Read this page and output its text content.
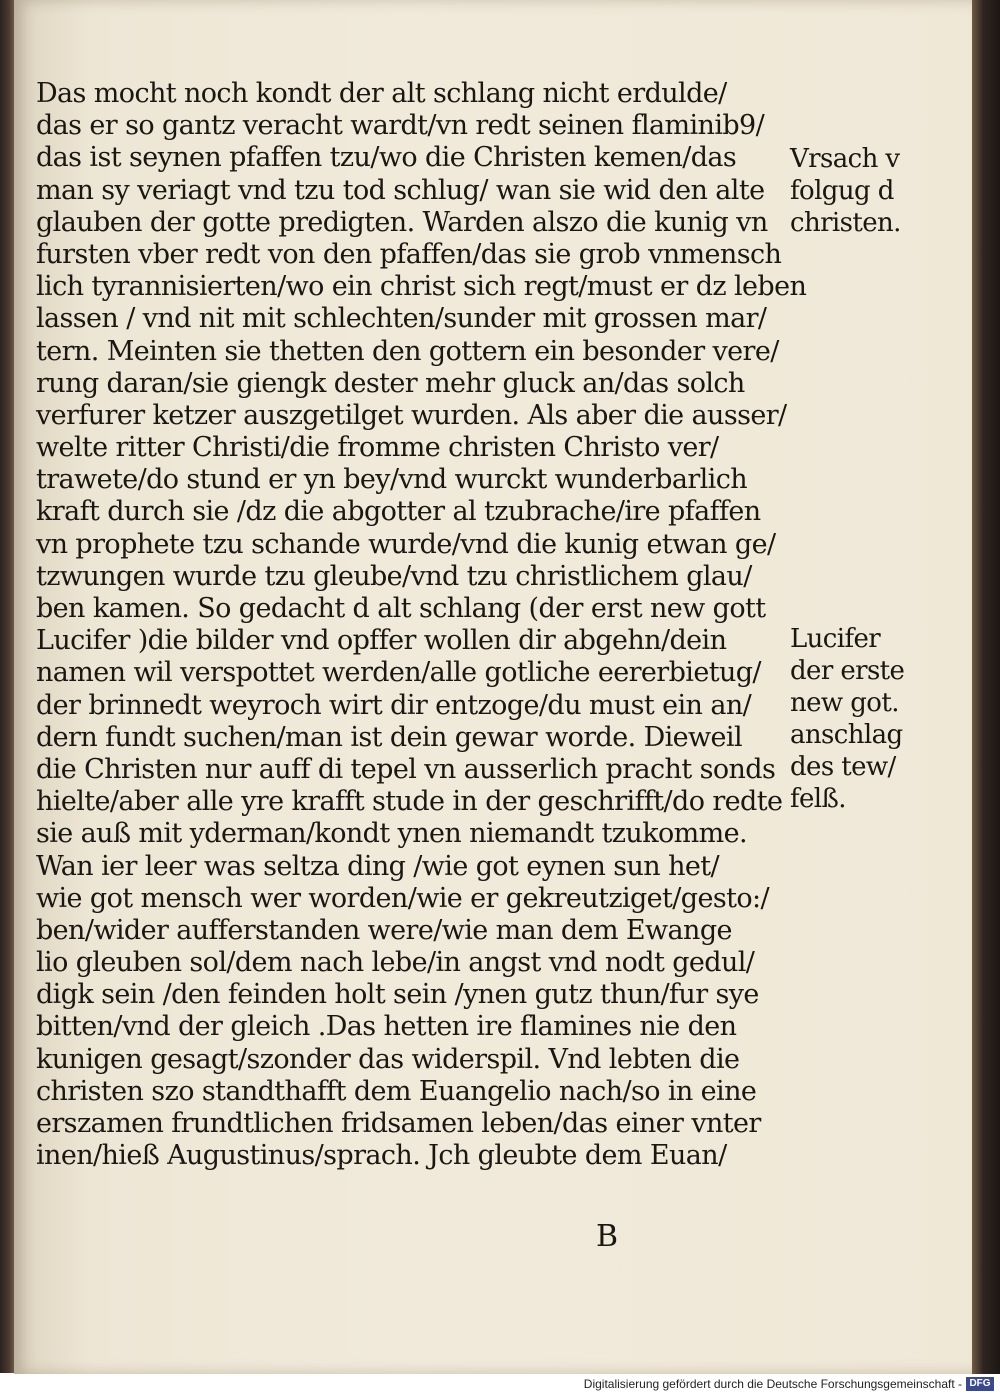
Das mocht noch kondt der alt schlang nicht erdulde/
das er so gantz veracht wardt/vn redt seinen flaminib9/
das ist seynen pfaffen tzu/wo die Christen kemen/das
man sy veriagt vnd tzu tod schlug/ wan sie wid den alte
glauben der gotte predigten. Warden alszo die kunig vn
fursten vber redt von den pfaffen/das sie grob vnmensch
lich tyrannisierten/wo ein christ sich regt/must er dz leben
lassen / vnd nit mit schlechten/sunder mit grossen mar/
tern. Meinten sie thetten den gottern ein besonder vere/
rung daran/sie giengk dester mehr gluck an/das solch
verfurer ketzer auszgetilget wurden. Als aber die ausser/
welte ritter Christi/die fromme christen Christo ver/
trawete/do stund er yn bey/vnd wurckt wunderbarlich
kraft durch sie /dz die abgotter al tzubrache/ire pfaffen
vn prophete tzu schande wurde/vnd die kunig etwan ge/
tzwungen wurde tzu gleube/vnd tzu christlichem glau/
ben kamen. So gedacht d alt schlang (der erst new gott
Lucifer )die bilder vnd opffer wollen dir abgehn/dein
namen wil verspottet werden/alle gotliche eererbietug/
der brinnedt weyroch wirt dir entzoge/du must ein an/
dern fundt suchen/man ist dein gewar worde. Dieweil
die Christen nur auff di tepel vn ausserlich pracht sonds
hielte/aber alle yre krafft stude in der geschrifft/do redte
sie auß mit yderman/kondt ynen niemandt tzukomme.
Wan ier leer was seltza ding /wie got eynen sun het/
wie got mensch wer worden/wie er gekreutziget/gesto:/
ben/wider aufferstanden were/wie man dem Ewange
lio gleuben sol/dem nach lebe/in angst vnd nodt gedul/
digk sein /den feinden holt sein /ynen gutz thun/fur sye
bitten/vnd der gleich .Das hetten ire flamines nie den
kunigen gesagt/szonder das widerspil. Vnd lebten die
christen szo standthafft dem Euangelio nach/so in eine
erszamen frundtlichen fridsamen leben/das einer vnter
inen/hieß Augustinus/sprach. Jch gleubte dem Euan/
Vrsach v
folgug d
christen.
Lucifer
der erste
new got.
anschlag
des tew/
felß.
B
Digitalisierung gefördert durch die Deutsche Forschungsgemeinschaft - DFG
